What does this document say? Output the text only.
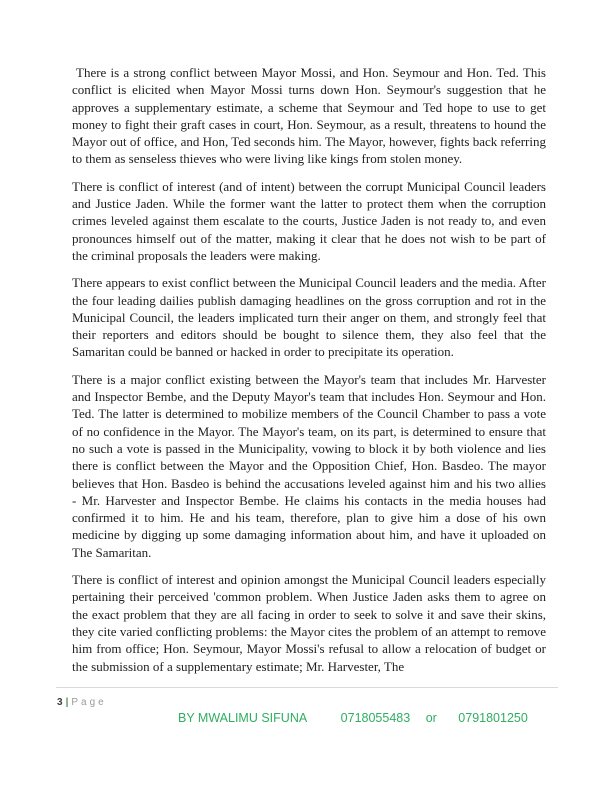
There is a strong conflict between Mayor Mossi, and Hon. Seymour and Hon. Ted. This conflict is elicited when Mayor Mossi turns down Hon. Seymour's suggestion that he approves a supplementary estimate, a scheme that Seymour and Ted hope to use to get money to fight their graft cases in court, Hon. Seymour, as a result, threatens to hound the Mayor out of office, and Hon, Ted seconds him. The Mayor, however, fights back referring to them as senseless thieves who were living like kings from stolen money.

There is conflict of interest (and of intent) between the corrupt Municipal Council leaders and Justice Jaden. While the former want the latter to protect them when the corruption crimes leveled against them escalate to the courts, Justice Jaden is not ready to, and even pronounces himself out of the matter, making it clear that he does not wish to be part of the criminal proposals the leaders were making.

There appears to exist conflict between the Municipal Council leaders and the media. After the four leading dailies publish damaging headlines on the gross corruption and rot in the Municipal Council, the leaders implicated turn their anger on them, and strongly feel that their reporters and editors should be bought to silence them, they also feel that the Samaritan could be banned or hacked in order to precipitate its operation.

There is a major conflict existing between the Mayor's team that includes Mr. Harvester and Inspector Bembe, and the Deputy Mayor's team that includes Hon. Seymour and Hon. Ted. The latter is determined to mobilize members of the Council Chamber to pass a vote of no confidence in the Mayor. The Mayor's team, on its part, is determined to ensure that no such a vote is passed in the Municipality, vowing to block it by both violence and lies there is conflict between the Mayor and the Opposition Chief, Hon. Basdeo. The mayor believes that Hon. Basdeo is behind the accusations leveled against him and his two allies - Mr. Harvester and Inspector Bembe. He claims his contacts in the media houses had confirmed it to him. He and his team, therefore, plan to give him a dose of his own medicine by digging up some damaging information about him, and have it uploaded on The Samaritan.

There is conflict of interest and opinion amongst the Municipal Council leaders especially pertaining their perceived 'common problem. When Justice Jaden asks them to agree on the exact problem that they are all facing in order to seek to solve it and save their skins, they cite varied conflicting problems: the Mayor cites the problem of an attempt to remove him from office; Hon. Seymour, Mayor Mossi's refusal to allow a relocation of budget or the submission of a supplementary estimate; Mr. Harvester, The

3 | Page
BY MWALIMU SIFUNA	0718055483 or 0791801250
